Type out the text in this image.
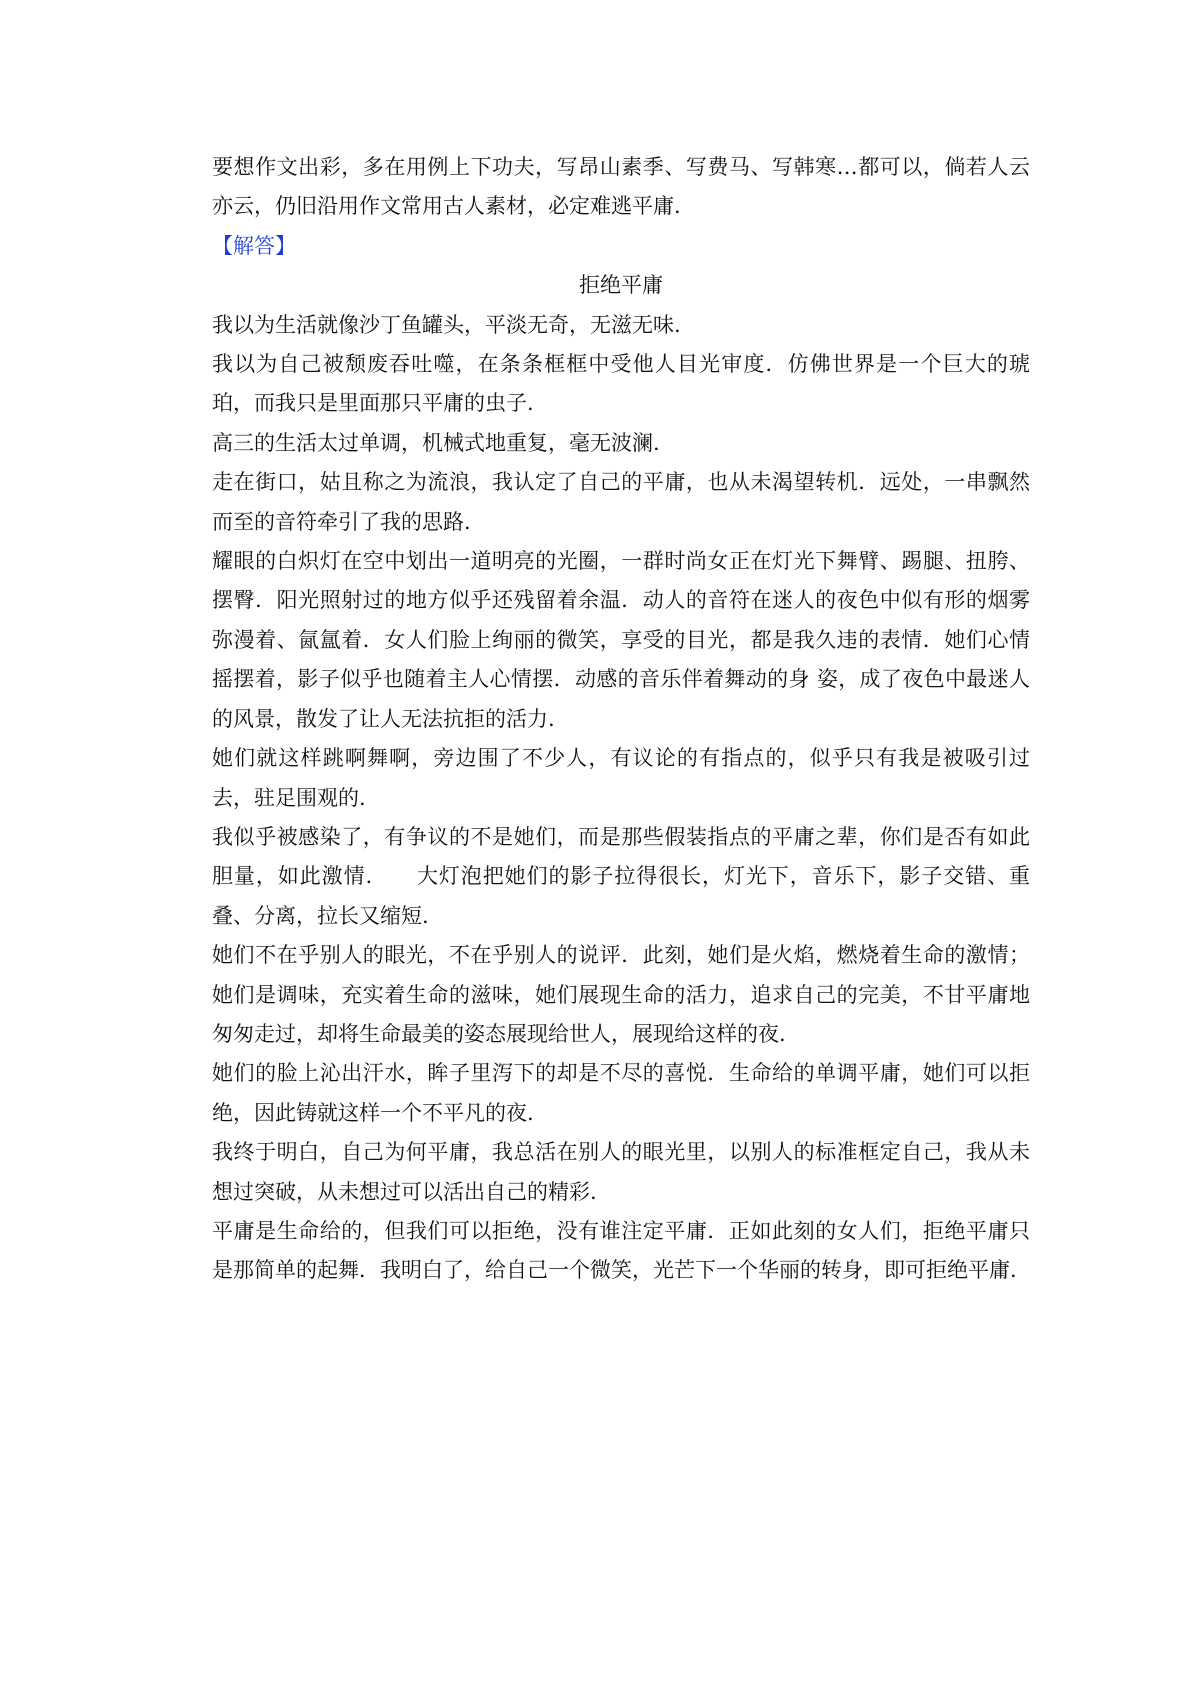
要想作文出彩，多在用例上下功夫，写昂山素季、写费马、写韩寒…都可以，倘若人云亦云，仍旧沿用作文常用古人素材，必定难逃平庸.

【解答】

拒绝平庸

我以为生活就像沙丁鱼罐头，平淡无奇，无滋无味.

我以为自己被颓废吞吐噬，在条条框框中受他人目光审度．仿佛世界是一个巨大的琥珀，而我只是里面那只平庸的虫子.

高三的生活太过单调，机械式地重复，毫无波澜.

走在街口，姑且称之为流浪，我认定了自己的平庸，也从未渴望转机．远处，一串飘然而至的音符牵引了我的思路.

耀眼的白炽灯在空中划出一道明亮的光圈，一群时尚女正在灯光下舞臂、踢腿、扭胯、摆臀．阳光照射过的地方似乎还残留着余温．动人的音符在迷人的夜色中似有形的烟雾弥漫着、氤氲着．女人们脸上绚丽的微笑，享受的目光，都是我久违的表情．她们心情摇摆着，影子似乎也随着主人心情摆．动感的音乐伴着舞动的身 姿，成了夜色中最迷人的风景，散发了让人无法抗拒的活力.

她们就这样跳啊舞啊，旁边围了不少人，有议论的有指点的，似乎只有我是被吸引过去，驻足围观的.

我似乎被感染了，有争议的不是她们，而是那些假装指点的平庸之辈，你们是否有如此胆量，如此激情.　　大灯泡把她们的影子拉得很长，灯光下，音乐下，影子交错、重叠、分离，拉长又缩短.

她们不在乎别人的眼光，不在乎别人的说评．此刻，她们是火焰，燃烧着生命的激情；她们是调味，充实着生命的滋味，她们展现生命的活力，追求自己的完美，不甘平庸地匆匆走过，却将生命最美的姿态展现给世人，展现给这样的夜.

她们的脸上沁出汗水，眸子里泻下的却是不尽的喜悦．生命给的单调平庸，她们可以拒绝，因此铸就这样一个不平凡的夜.

我终于明白，自己为何平庸，我总活在别人的眼光里，以别人的标准框定自己，我从未想过突破，从未想过可以活出自己的精彩.

平庸是生命给的，但我们可以拒绝，没有谁注定平庸．正如此刻的女人们，拒绝平庸只是那简单的起舞．我明白了，给自己一个微笑，光芒下一个华丽的转身，即可拒绝平庸.
